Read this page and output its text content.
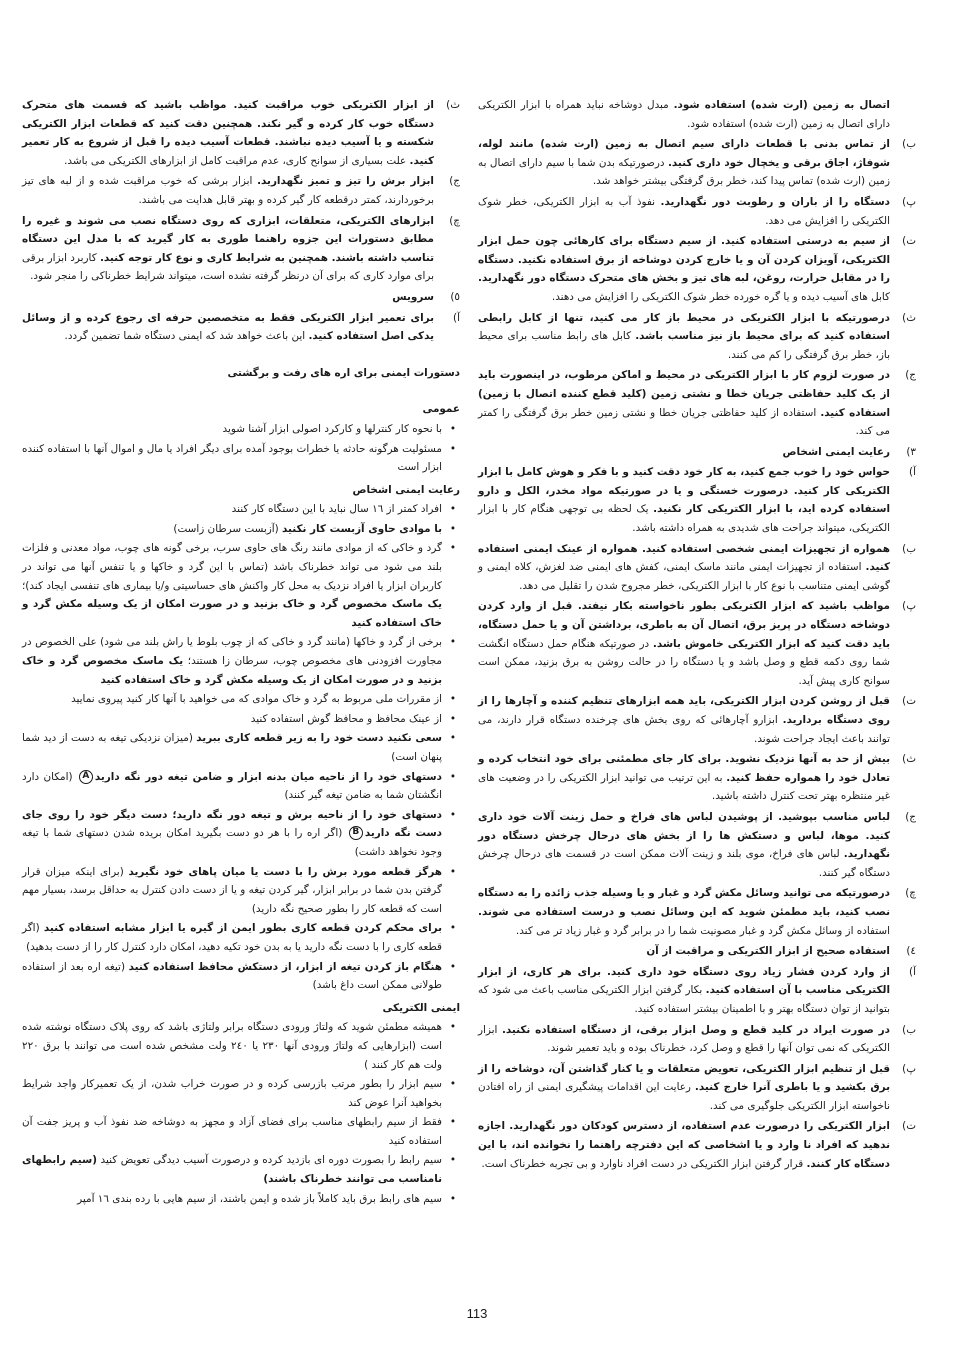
اتصال به زمین (ارت شده) استفاده شود. مبدل دوشاخه نباید همراه با ابزار الکتریکی دارای اتصال به زمین (ارت شده) استفاده شود.
ب)
از تماس بدنی با قطعات دارای سیم اتصال به زمین (ارت شده) مانند لوله، شوفاژ، اجاق برقی و یخچال خود داری کنید. درصورتیکه بدن شما با سیم دارای اتصال به زمین (ارت شده) تماس پیدا کند، خطر برق گرفتگی بیشتر خواهد شد.
پ)
دستگاه را از باران و رطوبت دور نگهدارید. نفوذ آب به ابزار الکتریکی، خطر شوک الکتریکی را افزایش می دهد.
ت)
از سیم به درستی استفاده کنید. از سیم دستگاه برای کارهائی چون حمل ابزار الکتریکی، آویزان کردن آن و یا خارج کردن دوشاخه از برق استفاده نکنید. دستگاه را در مقابل حرارت، روغن، لبه های تیز و بخش های متحرک دستگاه دور نگهدارید. کابل های آسیب دیده و یا گره خورده خطر شوک الکتریکی را افزایش می دهند.
ث)
درصورتیکه با ابزار الکتریکی در محیط باز کار می کنید، تنها از کابل رابطی استفاده کنید که برای محیط باز نیز مناسب باشد. کابل های رابط مناسب برای محیط باز، خطر برق گرفتگی را کم می کنند.
ج)
در صورت لزوم کار با ابزار الکتریکی در محیط و اماکن مرطوب، در اینصورت باید از یک کلید حفاظتی جریان خطا و نشتی زمین (کلید قطع کننده اتصال با زمین) استفاده کنید. استفاده از کلید حفاظتی جریان خطا و نشتی زمین خطر برق گرفتگی را کمتر می کند.
۳)
رعایت ایمنی اشخاص
آ)
حواس خود را خوب جمع کنید، به کار خود دقت کنید و با فکر و هوش کامل با ابزار الکتریکی کار کنید. درصورت خستگی و یا در صورتیکه مواد مخدر، الکل و دارو استفاده کرده اید، با ابزار الکتریکی کار نکنید. یک لحظه بی توجهی هنگام کار با ابزار الکتریکی، میتواند جراحت های شدیدی به همراه داشته باشد.
ب)
همواره از تجهیزات ایمنی شخصی استفاده کنید. همواره از عینک ایمنی استفاده کنید. استفاده از تجهیزات ایمنی مانند ماسک ایمنی، کفش های ایمنی ضد لغزش، کلاه ایمنی و گوشی ایمنی متناسب با نوع کار با ابزار الکتریکی، خطر مجروح شدن را تقلیل می دهد.
پ)
مواظب باشید که ابزار الکتریکی بطور ناخواسته بکار نیفتد. قبل از وارد کردن دوشاخه دستگاه در پریز برق، اتصال آن به باطری، برداشتن آن و یا حمل دستگاه، باید دقت کنید که ابزار الکتریکی خاموش باشد. در صورتیکه هنگام حمل دستگاه انگشت شما روی دکمه قطع و وصل باشد و یا دستگاه را در حالت روشن به برق بزنید، ممکن است سوانح کاری پیش آید.
ت)
قبل از روشن کردن ابزار الکتریکی، باید همه ابزارهای تنظیم کننده و آچارها را از روی دستگاه بردارید. ابزارو آچارهائی که روی بخش های چرخنده دستگاه قرار دارند، می توانند باعث ایجاد جراحت شوند.
ث)
بیش از حد به آنها نزدیک نشوید. برای کار جای مطمئنی برای خود انتخاب کرده و تعادل خود را همواره حفظ کنید. به این ترتیب می توانید ابزار الکتریکی را در وضعیت های غیر منتظره بهتر تحت کنترل داشته باشید.
ج)
لباس مناسب بپوشید. از پوشیدن لباس های فراخ و حمل زینت آلات خود داری کنید. موها، لباس و دستکش ها را از بخش های درحال چرخش دستگاه دور نگهدارید. لباس های فراخ، موی بلند و زینت آلات ممکن است در قسمت های درحال چرخش دستگاه گیر کنند.
چ)
درصورتیکه می توانید وسائل مکش گرد و غبار و یا وسیله جذب زائده را به دستگاه نصب کنید، باید مطمئن شوید که این وسائل نصب و درست استفاده می شوند. استفاده از وسائل مکش گرد و غبار مصونیت شما را در برابر گرد و غبار زیاد تر می کند.
٤)
استفاده صحیح از ابزار الکتریکی و مراقبت از آن
آ)
از وارد کردن فشار زیاد روی دستگاه خود داری کنید. برای هر کاری، از ابزار الکتریکی مناسب با آن استفاده کنید. بکار گرفتن ابزار الکتریکی مناسب باعث می شود که بتوانید از توان دستگاه بهتر و با اطمینان بیشتر استفاده کنید.
ب)
در صورت ایراد در کلید قطع و وصل ابزار برقی، از دستگاه استفاده نکنید. ابزار الکتریکی که نمی توان آنها را قطع و وصل کرد، خطرناک بوده و باید تعمیر شوند.
پ)
قبل از تنظیم ابزار الکتریکی، تعویض متعلقات و یا کنار گذاشتن آن، دوشاخه را از برق بکشید و یا باطری آنرا خارج کنید. رعایت این اقدامات پیشگیری ایمنی از راه افتادن ناخواسته ابزار الکتریکی جلوگیری می کند.
ت)
ابزار الکتریکی را درصورت عدم استفاده، از دسترس کودکان دور نگهدارید. اجازه ندهید که افراد نا وارد و یا اشخاصی که این دفترچه راهنما را نخوانده اند، با این دستگاه کار کنند. قرار گرفتن ابزار الکتریکی در دست افراد ناوارد و بی تجربه خطرناک است.
ث)
از ابزار الکتریکی خوب مراقبت کنید. مواظب باشید که قسمت های متحرک دستگاه خوب کار کرده و گیر نکند. همچنین دقت کنید که قطعات ابزار الکتریکی شکسته و یا آسیب دیده نباشند. قطعات آسیب دیده را قبل از شروع به کار تعمیر کنید. علت بسیاری از سوانح کاری، عدم مراقبت کامل از ابزارهای الکتریکی می باشد.
ج)
ابزار برش را تیز و تمیز نگهدارید. ابزار برشی که خوب مراقبت شده و از لبه های تیز برخوردارند، کمتر درقطعه کار گیر کرده و بهتر قابل هدایت می باشند.
چ)
ابزارهای الکتریکی، متعلقات، ابزاری که روی دستگاه نصب می شوند و غیره را مطابق دستورات این جزوه راهنما طوری به کار گیرید که با مدل این دستگاه تناسب داشته باشند. همچنین به شرایط کاری و نوع کار توجه کنید. کاربرد ابزار برقی برای موارد کاری که برای آن درنظر گرفته نشده است، میتواند شرایط خطرناکی را منجر شود.
٥)
سرویس
آ)
برای تعمیر ابزار الکتریکی فقط به متخصصین حرفه ای رجوع کرده و از وسائل یدکی اصل استفاده کنید. این باعث خواهد شد که ایمنی دستگاه شما تضمین گردد.
دستورات ایمنی برای اره های رفت و برگشتی
عمومی
•
با نحوه کار کنترلها و کارکرد اصولی ابزار آشنا شوید
•
مسئولیت هرگونه حادثه یا خطرات بوجود آمده برای دیگر افراد یا مال و اموال آنها با استفاده کننده ابزار است
رعایت ایمنی اشخاص
•
افراد کمتر از ١٦ سال نباید با این دستگاه کار کنند
•
با موادی حاوی آزبست کار نکنید (آزبست سرطان زاست)
•
گرد و خاکی که از موادی مانند رنگ های حاوی سرب، برخی گونه های چوب، مواد معدنی و فلزات بلند می شود می تواند خطرناک باشد (تماس با این گرد و خاکها و یا تنفس آنها می تواند در کاربران ابزار یا افراد نزدیک به محل کار واکنش های حساسیتی و/یا بیماری های تنفسی ایجاد کند)؛ یک ماسک مخصوص گرد و خاک بزنید و در صورت امکان از یک وسیله مکش گرد و خاک استفاده کنید
•
برخی از گرد و خاکها (مانند گرد و خاکی که از چوب بلوط یا راش بلند می شود) علی الخصوص در مجاورت افزودنی های مخصوص چوب، سرطان زا هستند؛ یک ماسک مخصوص گرد و خاک بزنید و در صورت امکان از یک وسیله مکش گرد و خاک استفاده کنید
•
از مقررات ملی مربوط به گرد و خاک موادی که می خواهید با آنها کار کنید پیروی نمایید
•
از عینک محافظ و محافظ گوش استفاده کنید
•
سعی نکنید دست خود را به زیر قطعه کاری ببرید (میزان نزدیکی تیغه به دست از دید شما پنهان است)
•
دستهای خود را از ناحیه میان بدنه ابزار و ضامن تیغه دور نگه داریدA (امکان دارد انگشتان شما به ضامن تیغه گیر کنند)
•
دستهای خود را از ناحیه برش و تیغه دور نگه دارید؛ دست دیگر خود را روی جای دست نگه داریدB (اگر اره را با هر دو دست بگیرید امکان بریده شدن دستهای شما با تیغه وجود نخواهد داشت)
•
هرگز قطعه مورد برش را با دست یا میان پاهای خود نگیرید (برای اینکه میزان قرار گرفتن بدن شما در برابر ابزار، گیر کردن تیغه و یا از دست دادن کنترل به حداقل برسد، بسیار مهم است که قطعه کار را بطور صحیح نگه دارید)
•
برای محکم کردن قطعه کاری بطور ایمن از گیره یا ابزار مشابه استفاده کنید (اگر قطعه کاری را با دست نگه دارید یا به بدن خود تکیه دهید، امکان دارد کنترل کار را از دست بدهید)
•
هنگام باز کردن تیغه از ابزار، از دستکش محافظ استفاده کنید (تیغه اره بعد از استفاده طولانی ممکن است داغ باشد)
ایمنی الکتریکی
•
همیشه مطمئن شوید که ولتاژ ورودی دستگاه برابر ولتاژی باشد که روی پلاک دستگاه نوشته شده است (ابزارهایی که ولتاژ ورودی آنها ٢٣٠ یا ٢٤٠ ولت مشخص شده است می توانند با برق ٢٢٠ ولت هم کار کنند )
•
سیم ابزار را بطور مرتب بازرسی کرده و در صورت خراب شدن، از یک تعمیرکار واجد شرایط بخواهید آنرا عوض کند
•
فقط از سیم رابطهای مناسب برای فضای آزاد و مجهز به دوشاخه ضد نفوذ آب و پریز جفت آن استفاده کنید
•
سیم رابط را بصورت دوره ای بازدید کرده و درصورت آسیب دیدگی تعویض کنید (سیم رابطهای نامناسب می توانند خطرناک باشند)
•
سیم های رابط برق باید کاملاً باز شده و ایمن باشند، از سیم هایی با رده بندی ١٦ آمپر
113
